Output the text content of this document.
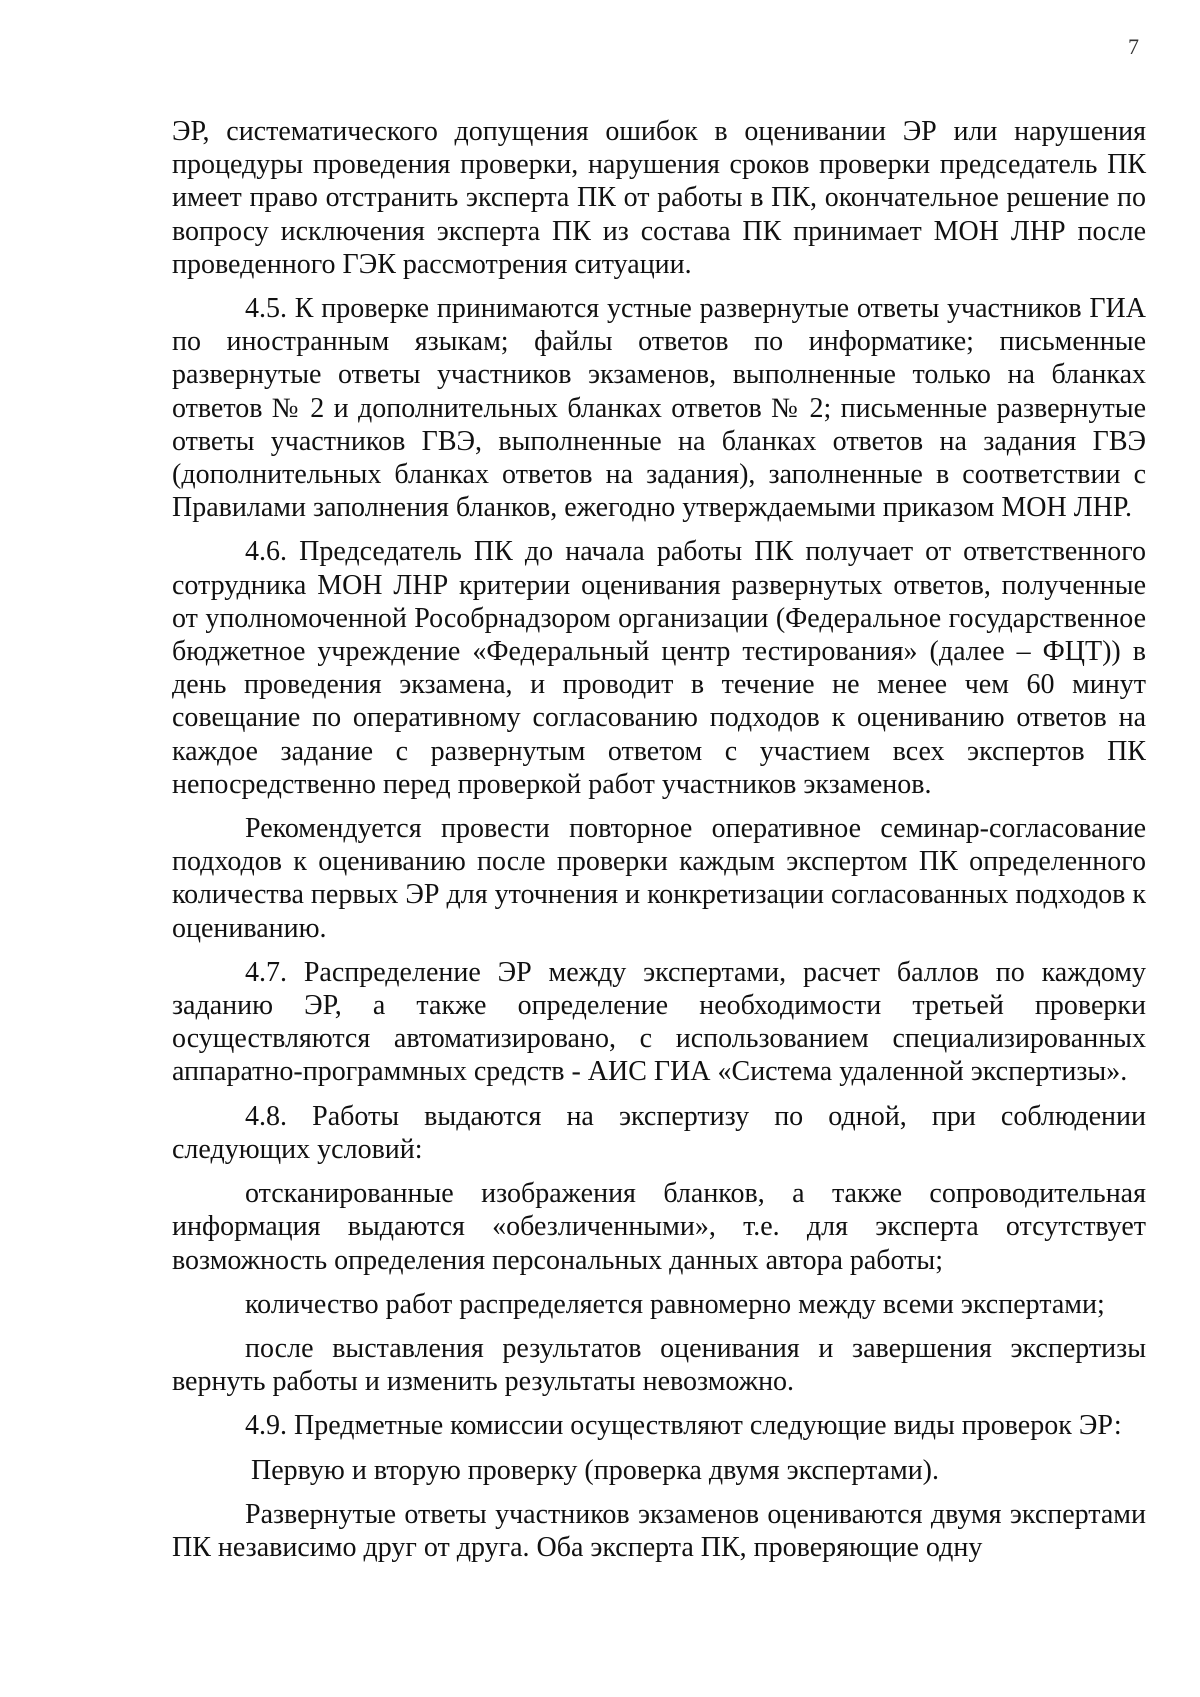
7

ЭР, систематического допущения ошибок в оценивании ЭР или нарушения процедуры проведения проверки, нарушения сроков проверки председатель ПК имеет право отстранить эксперта ПК от работы в ПК, окончательное решение по вопросу исключения эксперта ПК из состава ПК принимает МОН ЛНР после проведенного ГЭК рассмотрения ситуации.

4.5. К проверке принимаются устные развернутые ответы участников ГИА по иностранным языкам; файлы ответов по информатике; письменные развернутые ответы участников экзаменов, выполненные только на бланках ответов № 2 и дополнительных бланках ответов № 2; письменные развернутые ответы участников ГВЭ, выполненные на бланках ответов на задания ГВЭ (дополнительных бланках ответов на задания), заполненные в соответствии с Правилами заполнения бланков, ежегодно утверждаемыми приказом МОН ЛНР.

4.6. Председатель ПК до начала работы ПК получает от ответственного сотрудника МОН ЛНР критерии оценивания развернутых ответов, полученные от уполномоченной Рособрнадзором организации (Федеральное государственное бюджетное учреждение «Федеральный центр тестирования» (далее – ФЦТ)) в день проведения экзамена, и проводит в течение не менее чем 60 минут совещание по оперативному согласованию подходов к оцениванию ответов на каждое задание с развернутым ответом с участием всех экспертов ПК непосредственно перед проверкой работ участников экзаменов.

Рекомендуется провести повторное оперативное семинар-согласование подходов к оцениванию после проверки каждым экспертом ПК определенного количества первых ЭР для уточнения и конкретизации согласованных подходов к оцениванию.

4.7. Распределение ЭР между экспертами, расчет баллов по каждому заданию ЭР, а также определение необходимости третьей проверки осуществляются автоматизировано, с использованием специализированных аппаратно-программных средств - АИС ГИА «Система удаленной экспертизы».

4.8. Работы выдаются на экспертизу по одной, при соблюдении следующих условий:

отсканированные изображения бланков, а также сопроводительная информация выдаются «обезличенными», т.е. для эксперта отсутствует возможность определения персональных данных автора работы;

количество работ распределяется равномерно между всеми экспертами;

после выставления результатов оценивания и завершения экспертизы вернуть работы и изменить результаты невозможно.

4.9. Предметные комиссии осуществляют следующие виды проверок ЭР:

Первую и вторую проверку (проверка двумя экспертами).

Развернутые ответы участников экзаменов оцениваются двумя экспертами ПК независимо друг от друга. Оба эксперта ПК, проверяющие одну
